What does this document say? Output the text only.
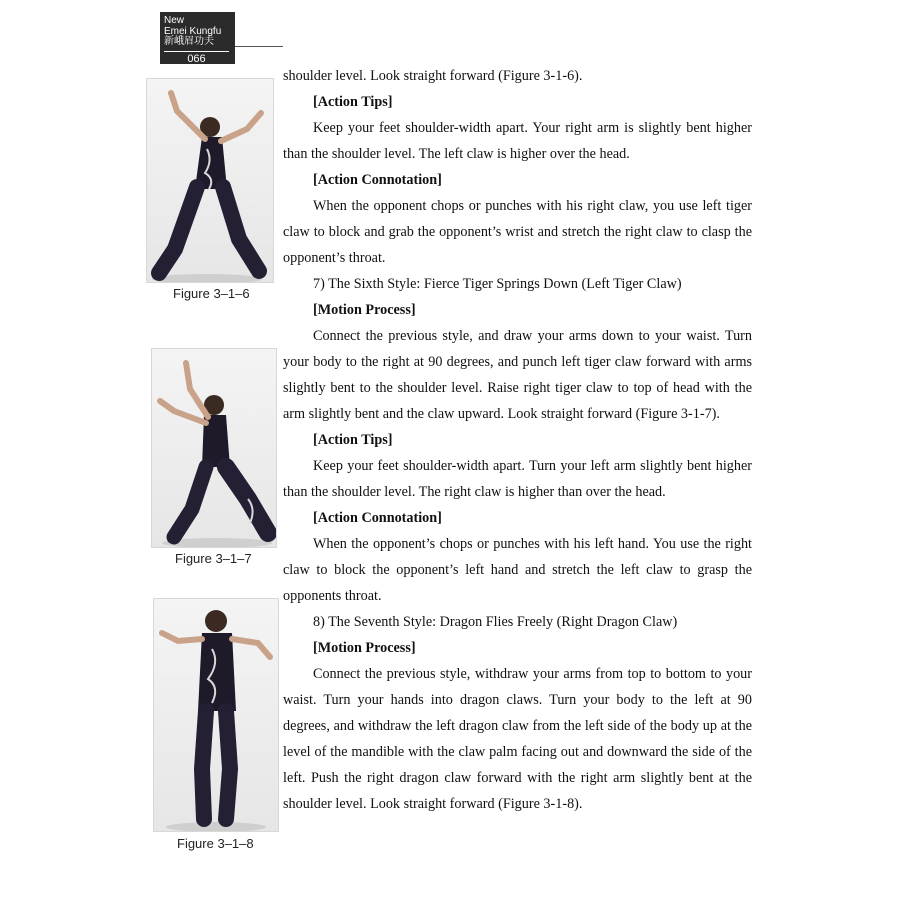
New
Emei Kungfu
新峨眉功夫
066
Figure 3–1–6
Figure 3–1–7
Figure 3–1–8

shoulder level. Look straight forward (Figure 3-1-6).

[Action Tips]

Keep your feet shoulder-width apart. Your right arm is slightly bent higher than the shoulder level. The left claw is higher over the head.

[Action Connotation]

When the opponent chops or punches with his right claw, you use left tiger claw to block and grab the opponent’s wrist and stretch the right claw to clasp the opponent’s throat.

7) The Sixth Style: Fierce Tiger Springs Down (Left Tiger Claw)

[Motion Process]

Connect the previous style, and draw your arms down to your waist. Turn your body to the right at 90 degrees, and punch left tiger claw forward with arms slightly bent to the shoulder level. Raise right tiger claw to top of head with the arm slightly bent and the claw upward. Look straight forward (Figure 3-1-7).

[Action Tips]

Keep your feet shoulder-width apart. Turn your left arm slightly bent higher than the shoulder level. The right claw is higher than over the head.

[Action Connotation]

When the opponent’s chops or punches with his left hand. You use the right claw to block the opponent’s left hand and stretch the left claw to grasp the opponents throat.

8) The Seventh Style: Dragon Flies Freely (Right Dragon Claw)

[Motion Process]

Connect the previous style, withdraw your arms from top to bottom to your waist. Turn your hands into dragon claws. Turn your body to the left at 90 degrees, and withdraw the left dragon claw from the left side of the body up at the level of the mandible with the claw palm facing out and downward the side of the left. Push the right dragon claw forward with the right arm slightly bent at the shoulder level. Look straight forward (Figure 3-1-8).
